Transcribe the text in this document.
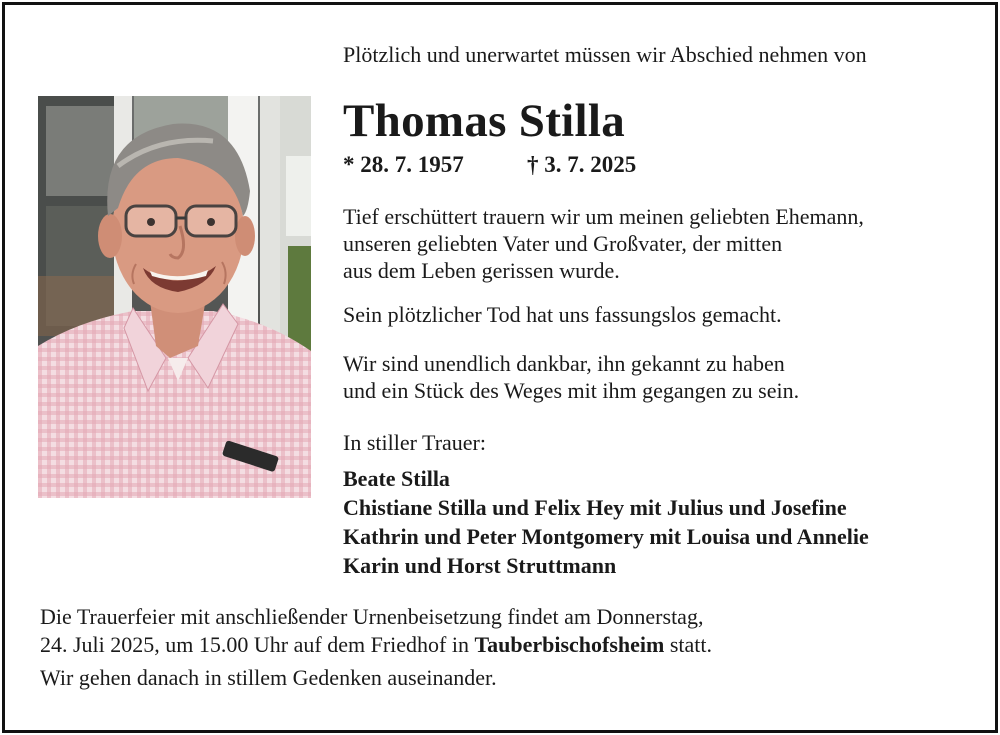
Plötzlich und unerwartet müssen wir Abschied nehmen von
Thomas Stilla
* 28. 7. 1957	† 3. 7. 2025
Tief erschüttert trauern wir um meinen geliebten Ehemann,
unseren geliebten Vater und Großvater, der mitten
aus dem Leben gerissen wurde.
Sein plötzlicher Tod hat uns fassungslos gemacht.
Wir sind unendlich dankbar, ihn gekannt zu haben
und ein Stück des Weges mit ihm gegangen zu sein.
In stiller Trauer:
Beate Stilla
Chistiane Stilla und Felix Hey mit Julius und Josefine
Kathrin und Peter Montgomery mit Louisa und Annelie
Karin und Horst Struttmann
Die Trauerfeier mit anschließender Urnenbeisetzung findet am Donnerstag,
24. Juli 2025, um 15.00 Uhr auf dem Friedhof in Tauberbischofsheim statt.
Wir gehen danach in stillem Gedenken auseinander.
